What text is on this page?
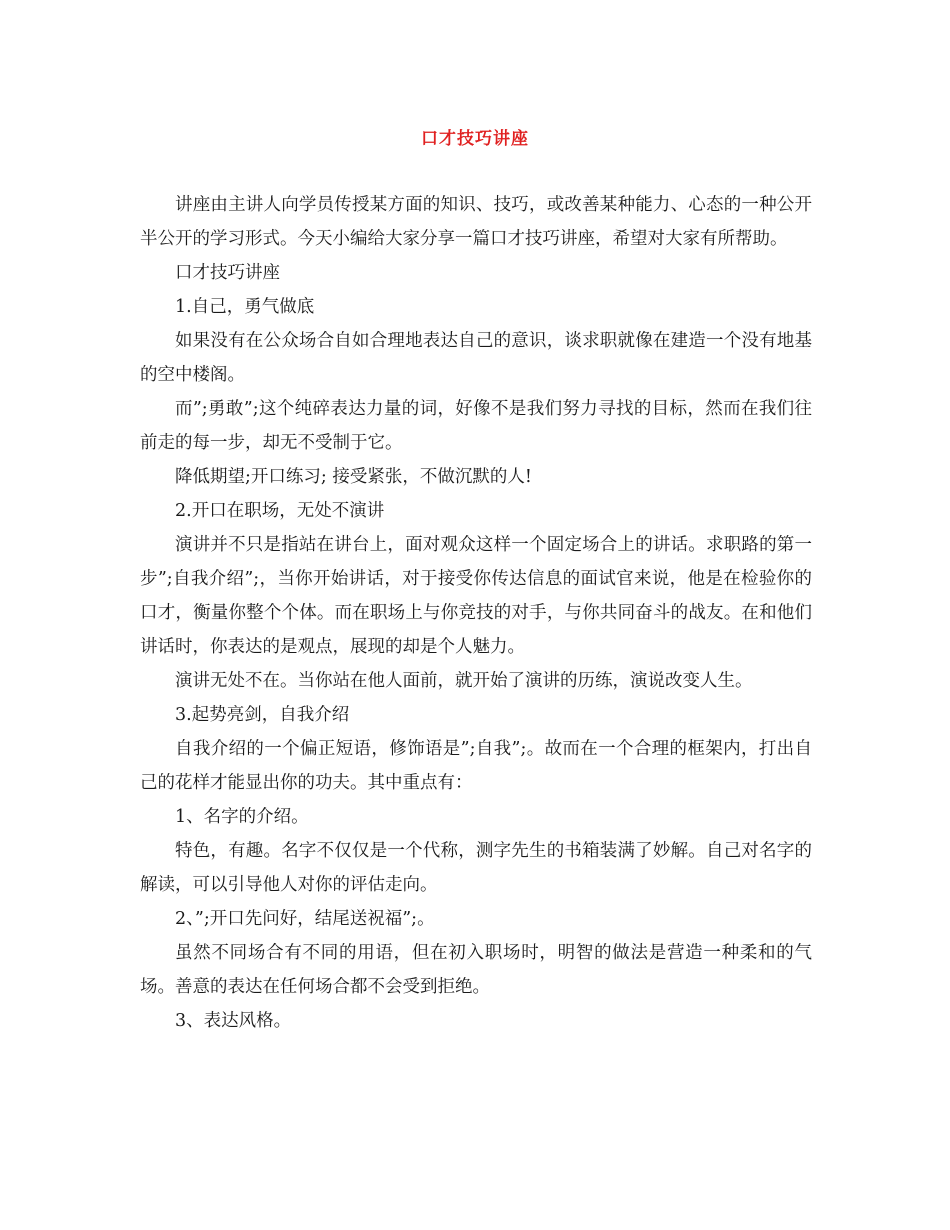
口才技巧讲座

讲座由主讲人向学员传授某方面的知识、技巧，或改善某种能力、心态的一种公开半公开的学习形式。今天小编给大家分享一篇口才技巧讲座，希望对大家有所帮助。

口才技巧讲座

1.自己，勇气做底

如果没有在公众场合自如合理地表达自己的意识，谈求职就像在建造一个没有地基的空中楼阁。

而”;勇敢”;这个纯碎表达力量的词，好像不是我们努力寻找的目标，然而在我们往前走的每一步，却无不受制于它。

降低期望;开口练习; 接受紧张，不做沉默的人!

2.开口在职场，无处不演讲

演讲并不只是指站在讲台上，面对观众这样一个固定场合上的讲话。求职路的第一步”;自我介绍”;，当你开始讲话，对于接受你传达信息的面试官来说，他是在检验你的口才，衡量你整个个体。而在职场上与你竞技的对手，与你共同奋斗的战友。在和他们讲话时，你表达的是观点，展现的却是个人魅力。

演讲无处不在。当你站在他人面前，就开始了演讲的历练，演说改变人生。

3.起势亮剑，自我介绍

自我介绍的一个偏正短语，修饰语是”;自我”;。故而在一个合理的框架内，打出自己的花样才能显出你的功夫。其中重点有：

1、名字的介绍。

特色，有趣。名字不仅仅是一个代称，测字先生的书箱装满了妙解。自己对名字的解读，可以引导他人对你的评估走向。

2、”;开口先问好，结尾送祝福”;。

虽然不同场合有不同的用语，但在初入职场时，明智的做法是营造一种柔和的气场。善意的表达在任何场合都不会受到拒绝。

3、表达风格。
